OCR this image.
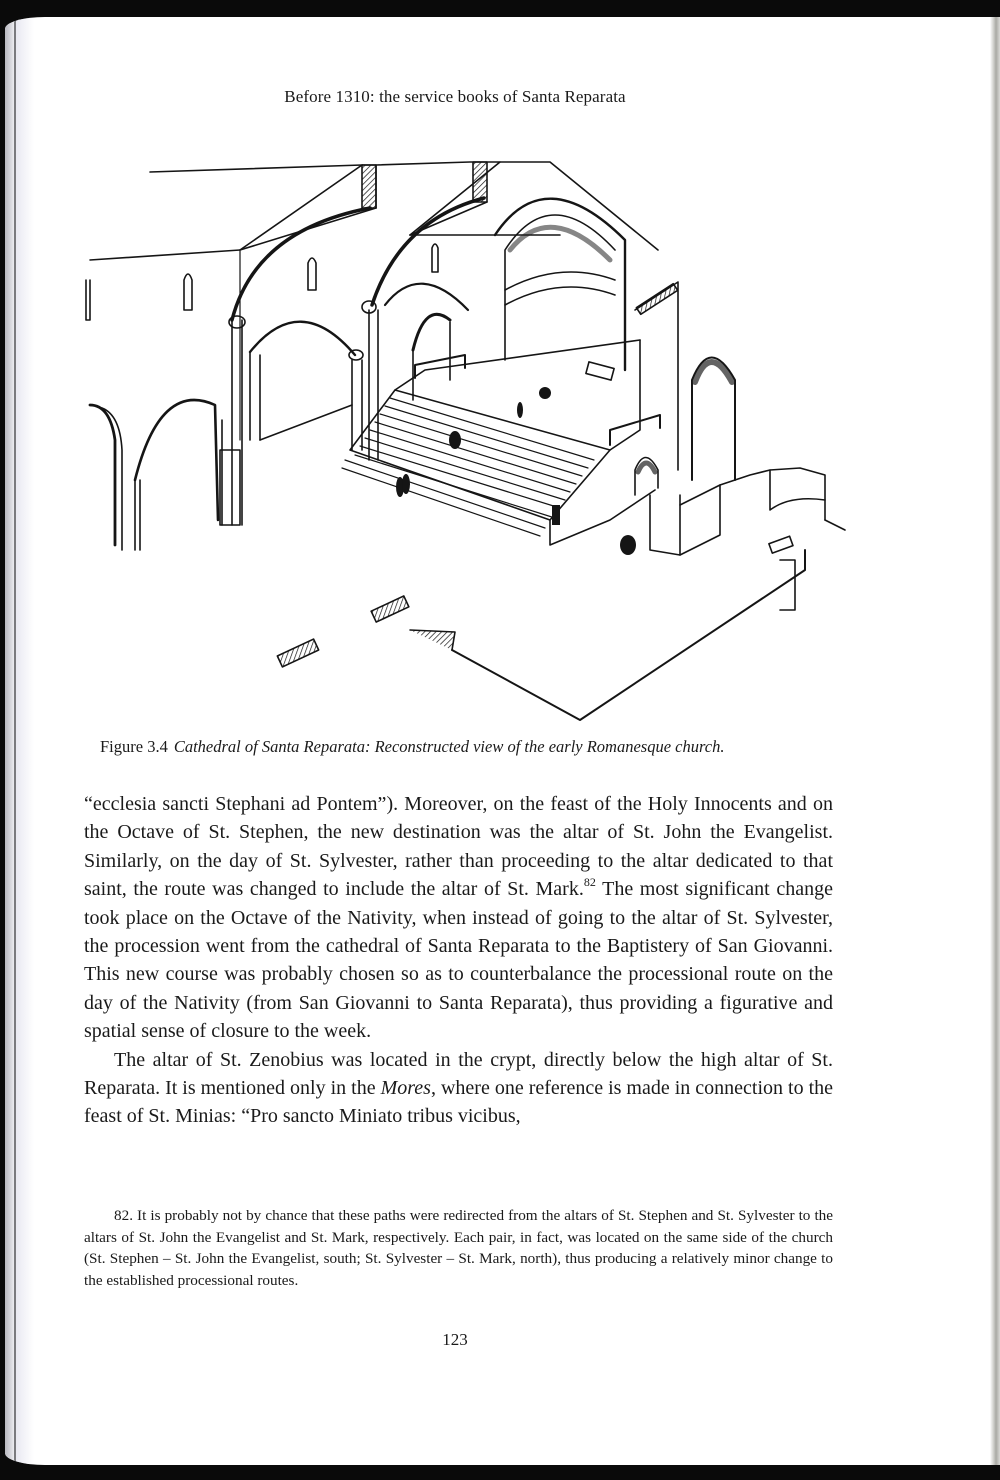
Before 1310: the service books of Santa Reparata
Figure 3.4 Cathedral of Santa Reparata: Reconstructed view of the early Romanesque church.

“ecclesia sancti Stephani ad Pontem”). Moreover, on the feast of the Holy Innocents and on the Octave of St. Stephen, the new destination was the altar of St. John the Evangelist. Similarly, on the day of St. Sylvester, rather than proceeding to the altar dedicated to that saint, the route was changed to include the altar of St. Mark.$^{82}$ The most significant change took place on the Octave of the Nativity, when instead of going to the altar of St. Sylvester, the procession went from the cathedral of Santa Reparata to the Baptistery of San Giovanni. This new course was probably chosen so as to counterbalance the processional route on the day of the Nativity (from San Giovanni to Santa Reparata), thus providing a figurative and spatial sense of closure to the week.

The altar of St. Zenobius was located in the crypt, directly below the high altar of St. Reparata. It is mentioned only in the Mores, where one reference is made in connection to the feast of St. Minias: “Pro sancto Miniato tribus vicibus,

82. It is probably not by chance that these paths were redirected from the altars of St. Stephen and St. Sylvester to the altars of St. John the Evangelist and St. Mark, respectively. Each pair, in fact, was located on the same side of the church (St. Stephen – St. John the Evangelist, south; St. Sylvester – St. Mark, north), thus producing a relatively minor change to the established processional routes.
123
